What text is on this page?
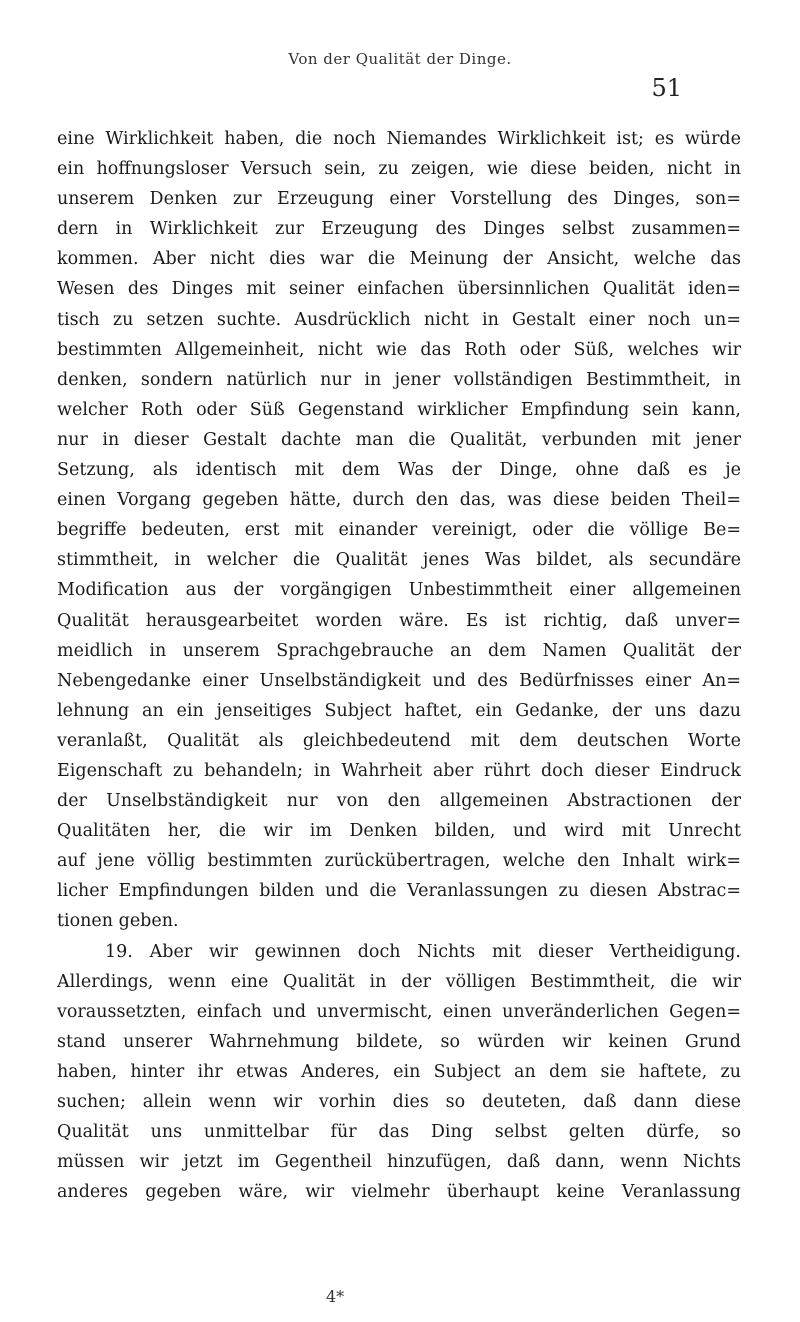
Von der Qualität der Dinge.
51
eine Wirklichkeit haben, die noch Niemandes Wirklichkeit ist; es würde
ein hoffnungsloser Versuch sein, zu zeigen, wie diese beiden, nicht in
unserem Denken zur Erzeugung einer Vorstellung des Dinges, son=
dern in Wirklichkeit zur Erzeugung des Dinges selbst zusammen=
kommen. Aber nicht dies war die Meinung der Ansicht, welche das
Wesen des Dinges mit seiner einfachen übersinnlichen Qualität iden=
tisch zu setzen suchte. Ausdrücklich nicht in Gestalt einer noch un=
bestimmten Allgemeinheit, nicht wie das Roth oder Süß, welches wir
denken, sondern natürlich nur in jener vollständigen Bestimmtheit, in
welcher Roth oder Süß Gegenstand wirklicher Empfindung sein kann,
nur in dieser Gestalt dachte man die Qualität, verbunden mit jener
Setzung, als identisch mit dem Was der Dinge, ohne daß es je
einen Vorgang gegeben hätte, durch den das, was diese beiden Theil=
begriffe bedeuten, erst mit einander vereinigt, oder die völlige Be=
stimmtheit, in welcher die Qualität jenes Was bildet, als secundäre
Modification aus der vorgängigen Unbestimmtheit einer allgemeinen
Qualität herausgearbeitet worden wäre. Es ist richtig, daß unver=
meidlich in unserem Sprachgebrauche an dem Namen Qualität der
Nebengedanke einer Unselbständigkeit und des Bedürfnisses einer An=
lehnung an ein jenseitiges Subject haftet, ein Gedanke, der uns dazu
veranlaßt, Qualität als gleichbedeutend mit dem deutschen Worte
Eigenschaft zu behandeln; in Wahrheit aber rührt doch dieser Eindruck
der Unselbständigkeit nur von den allgemeinen Abstractionen der
Qualitäten her, die wir im Denken bilden, und wird mit Unrecht
auf jene völlig bestimmten zurückübertragen, welche den Inhalt wirk=
licher Empfindungen bilden und die Veranlassungen zu diesen Abstrac=
tionen geben.
19. Aber wir gewinnen doch Nichts mit dieser Vertheidigung.
Allerdings, wenn eine Qualität in der völligen Bestimmtheit, die wir
voraussetzten, einfach und unvermischt, einen unveränderlichen Gegen=
stand unserer Wahrnehmung bildete, so würden wir keinen Grund
haben, hinter ihr etwas Anderes, ein Subject an dem sie haftete, zu
suchen; allein wenn wir vorhin dies so deuteten, daß dann diese
Qualität uns unmittelbar für das Ding selbst gelten dürfe, so
müssen wir jetzt im Gegentheil hinzufügen, daß dann, wenn Nichts
anderes gegeben wäre, wir vielmehr überhaupt keine Veranlassung
4*
